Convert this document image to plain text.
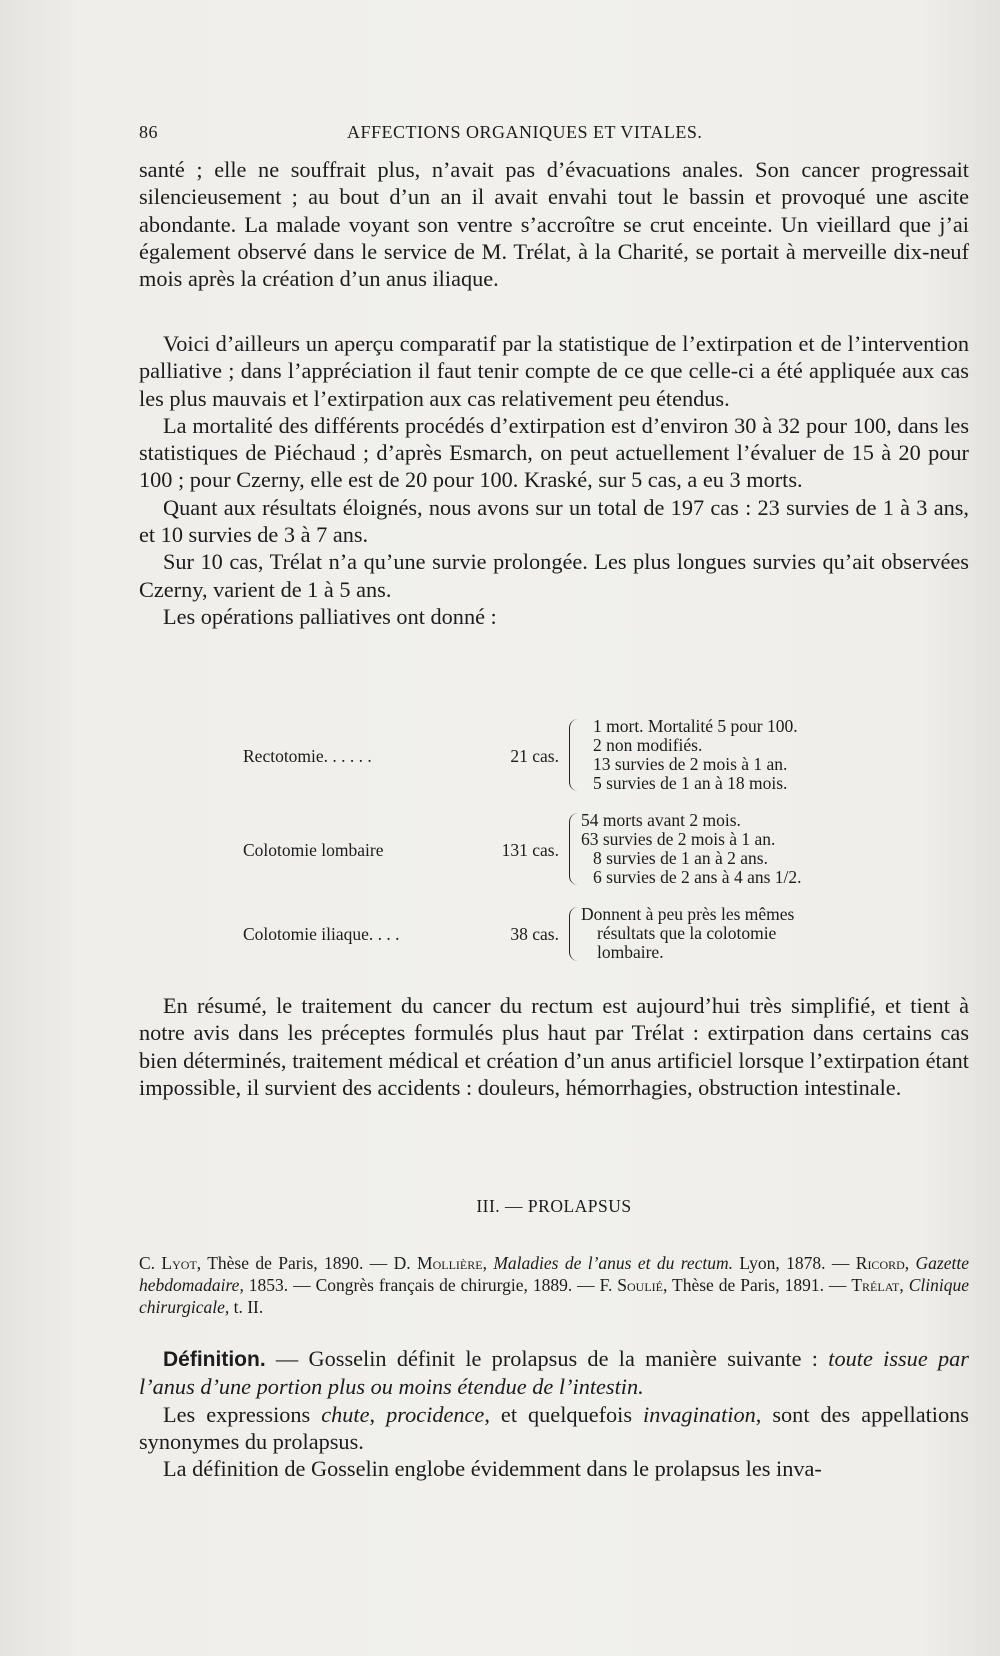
86	AFFECTIONS ORGANIQUES ET VITALES.

santé ; elle ne souffrait plus, n’avait pas d’évacuations anales. Son cancer progressait silencieusement ; au bout d’un an il avait envahi tout le bassin et provoqué une ascite abondante. La malade voyant son ventre s’accroître se crut enceinte. Un vieillard que j’ai également observé dans le service de M. Trélat, à la Charité, se portait à merveille dix-neuf mois après la création d’un anus iliaque.

Voici d’ailleurs un aperçu comparatif par la statistique de l’extirpation et de l’intervention palliative ; dans l’appréciation il faut tenir compte de ce que celle-ci a été appliquée aux cas les plus mauvais et l’extirpation aux cas relativement peu étendus.

La mortalité des différents procédés d’extirpation est d’environ 30 à 32 pour 100, dans les statistiques de Piéchaud ; d’après Esmarch, on peut actuellement l’évaluer de 15 à 20 pour 100 ; pour Czerny, elle est de 20 pour 100. Kraské, sur 5 cas, a eu 3 morts.

Quant aux résultats éloignés, nous avons sur un total de 197 cas : 23 survies de 1 à 3 ans, et 10 survies de 3 à 7 ans.

Sur 10 cas, Trélat n’a qu’une survie prolongée. Les plus longues survies qu’ait observées Czerny, varient de 1 à 5 ans.

Les opérations palliatives ont donné :

Rectotomie. . . . . .	21 cas.
1 mort. Mortalité 5 pour 100.
2 non modifiés.
13 survies de 2 mois à 1 an.
5 survies de 1 an à 18 mois.
Colotomie lombaire	131 cas.
54 morts avant 2 mois.
63 survies de 2 mois à 1 an.
8 survies de 1 an à 2 ans.
6 survies de 2 ans à 4 ans 1/2.
Colotomie iliaque. . . .	38 cas.
Donnent à peu près les mêmes
résultats que la colotomie
lombaire.

En résumé, le traitement du cancer du rectum est aujourd’hui très simplifié, et tient à notre avis dans les préceptes formulés plus haut par Trélat : extirpation dans certains cas bien déterminés, traitement médical et création d’un anus artificiel lorsque l’extirpation étant impossible, il survient des accidents : douleurs, hémorrhagies, obstruction intestinale.

III. — PROLAPSUS
C. Lyot, Thèse de Paris, 1890. — D. Mollière, Maladies de l’anus et du rectum. Lyon, 1878. — Ricord, Gazette hebdomadaire, 1853. — Congrès français de chirurgie, 1889. — F. Soulié, Thèse de Paris, 1891. — Trélat, Clinique chirurgicale, t. II.

Définition. — Gosselin définit le prolapsus de la manière suivante : toute issue par l’anus d’une portion plus ou moins étendue de l’intestin.

Les expressions chute, procidence, et quelquefois invagination, sont des appellations synonymes du prolapsus.

La définition de Gosselin englobe évidemment dans le prolapsus les inva-
